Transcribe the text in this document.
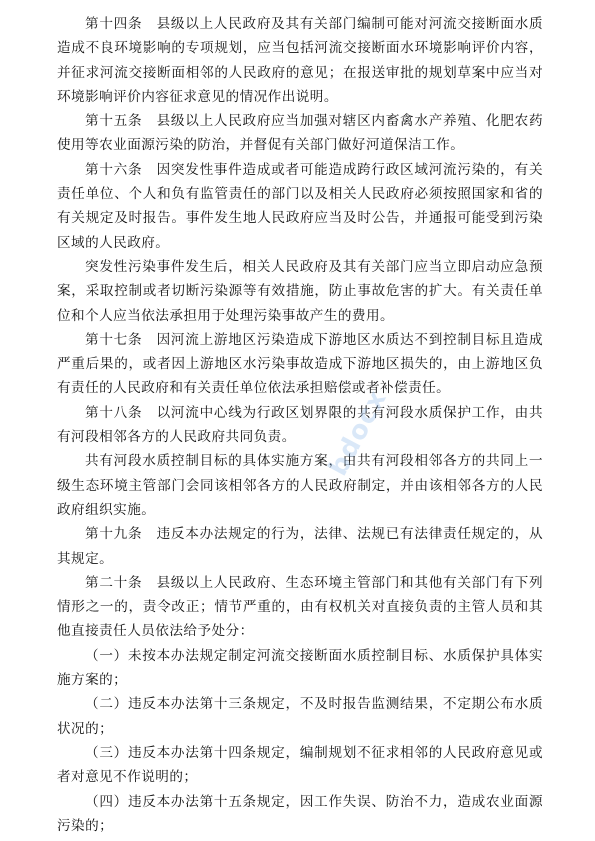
第十四条　县级以上人民政府及其有关部门编制可能对河流交接断面水质造成不良环境影响的专项规划，应当包括河流交接断面水环境影响评价内容，并征求河流交接断面相邻的人民政府的意见；在报送审批的规划草案中应当对环境影响评价内容征求意见的情况作出说明。

第十五条　县级以上人民政府应当加强对辖区内畜禽水产养殖、化肥农药使用等农业面源污染的防治，并督促有关部门做好河道保洁工作。

第十六条　因突发性事件造成或者可能造成跨行政区域河流污染的，有关责任单位、个人和负有监管责任的部门以及相关人民政府必须按照国家和省的有关规定及时报告。事件发生地人民政府应当及时公告，并通报可能受到污染区域的人民政府。

突发性污染事件发生后，相关人民政府及其有关部门应当立即启动应急预案，采取控制或者切断污染源等有效措施，防止事故危害的扩大。有关责任单位和个人应当依法承担用于处理污染事故产生的费用。

第十七条　因河流上游地区污染造成下游地区水质达不到控制目标且造成严重后果的，或者因上游地区水污染事故造成下游地区损失的，由上游地区负有责任的人民政府和有关责任单位依法承担赔偿或者补偿责任。

第十八条　以河流中心线为行政区划界限的共有河段水质保护工作，由共有河段相邻各方的人民政府共同负责。

共有河段水质控制目标的具体实施方案，由共有河段相邻各方的共同上一级生态环境主管部门会同该相邻各方的人民政府制定，并由该相邻各方的人民政府组织实施。

第十九条　违反本办法规定的行为，法律、法规已有法律责任规定的，从其规定。

第二十条　县级以上人民政府、生态环境主管部门和其他有关部门有下列情形之一的，责令改正；情节严重的，由有权机关对直接负责的主管人员和其他直接责任人员依法给予处分：

（一）未按本办法规定制定河流交接断面水质控制目标、水质保护具体实施方案的；

（二）违反本办法第十三条规定，不及时报告监测结果，不定期公布水质状况的；

（三）违反本办法第十四条规定，编制规划不征求相邻的人民政府意见或者对意见不作说明的；

（四）违反本办法第十五条规定，因工作失误、防治不力，造成农业面源污染的；

bdocx
